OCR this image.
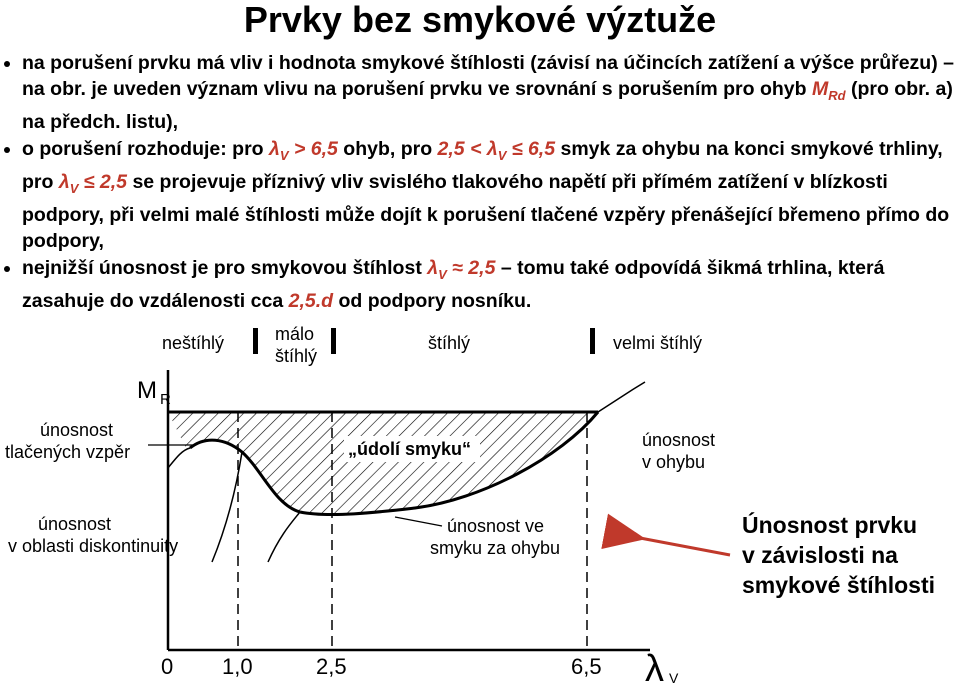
Prvky bez smykové výztuže
na porušení prvku má vliv i hodnota smykové štíhlosti (závisí na účincích zatížení a výšce průřezu) – na obr. je uveden význam vlivu na porušení prvku ve srovnání s porušením pro ohyb $M_{Rd}$ (pro obr. a) na předch. listu),
o porušení rozhoduje: pro $\lambda_V > 6,5$ ohyb, pro $2,5 < \lambda_V \le 6,5$ smyk za ohybu na konci smykové trhliny, pro $\lambda_V \le 2,5$ se projevuje příznivý vliv svislého tlakového napětí při přímém zatížení v blízkosti podpory, při velmi malé štíhlosti může dojít k porušení tlačené vzpěry přenášející břemeno přímo do podpory,
nejnižší únosnost je pro smykovou štíhlost $\lambda_V \approx 2,5$ – tomu také odpovídá šikmá trhlina, která zasahuje do vzdálenosti cca 2,5.d od podpory nosníku.
neštíhlý	málo
štíhlý
štíhlý	velmi štíhlý
M R
0 1,0	2,5	6,5 λ V
„údolí smyku“
únosnost
tlačených vzpěr
únosnost
v ohybu
únosnost
v oblasti diskontinuity
únosnost ve
smyku za ohybu
Únosnost prvku
v závislosti na
smykové štíhlosti
